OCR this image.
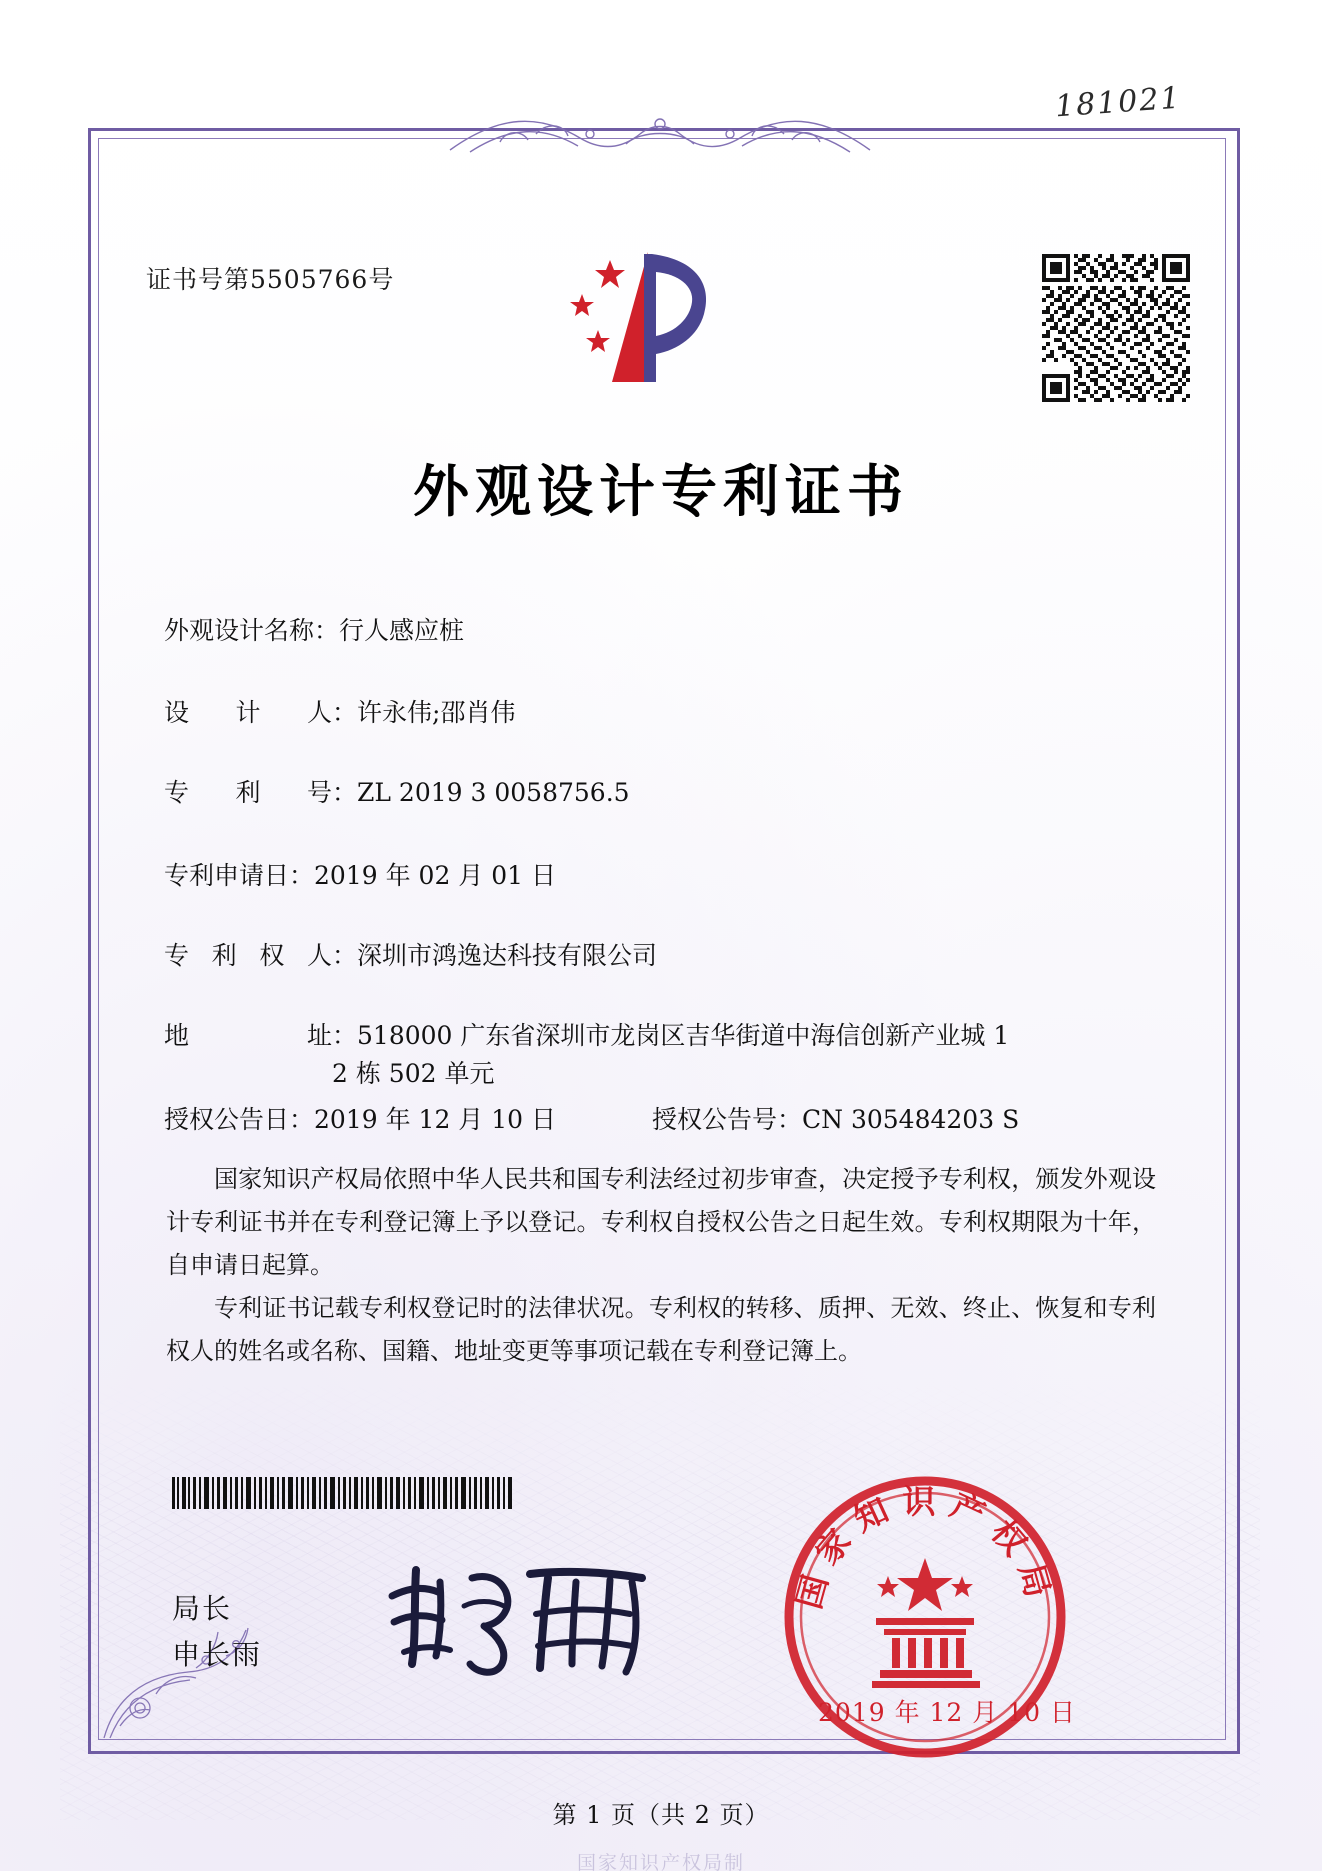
181021
证书号第5505766号
外观设计专利证书
外观设计名称：行人感应桩
设　计　人：许永伟;邵肖伟
专　利　号：ZL 2019 3 0058756.5
专利申请日：2019 年 02 月 01 日
专 利 权 人：深圳市鸿逸达科技有限公司
地　　　址：518000 广东省深圳市龙岗区吉华街道中海信创新产业城 1
2 栋 502 单元
授权公告日：2019 年 12 月 10 日	授权公告号：CN 305484203 S
国家知识产权局依照中华人民共和国专利法经过初步审查，决定授予专利权，颁发外观设计专利证书并在专利登记簿上予以登记。专利权自授权公告之日起生效。专利权期限为十年，自申请日起算。
专利证书记载专利权登记时的法律状况。专利权的转移、质押、无效、终止、恢复和专利权人的姓名或名称、国籍、地址变更等事项记载在专利登记簿上。
局长
申长雨
国家知识产权局
2019 年 12 月 10 日
第 1 页（共 2 页）
国家知识产权局制
